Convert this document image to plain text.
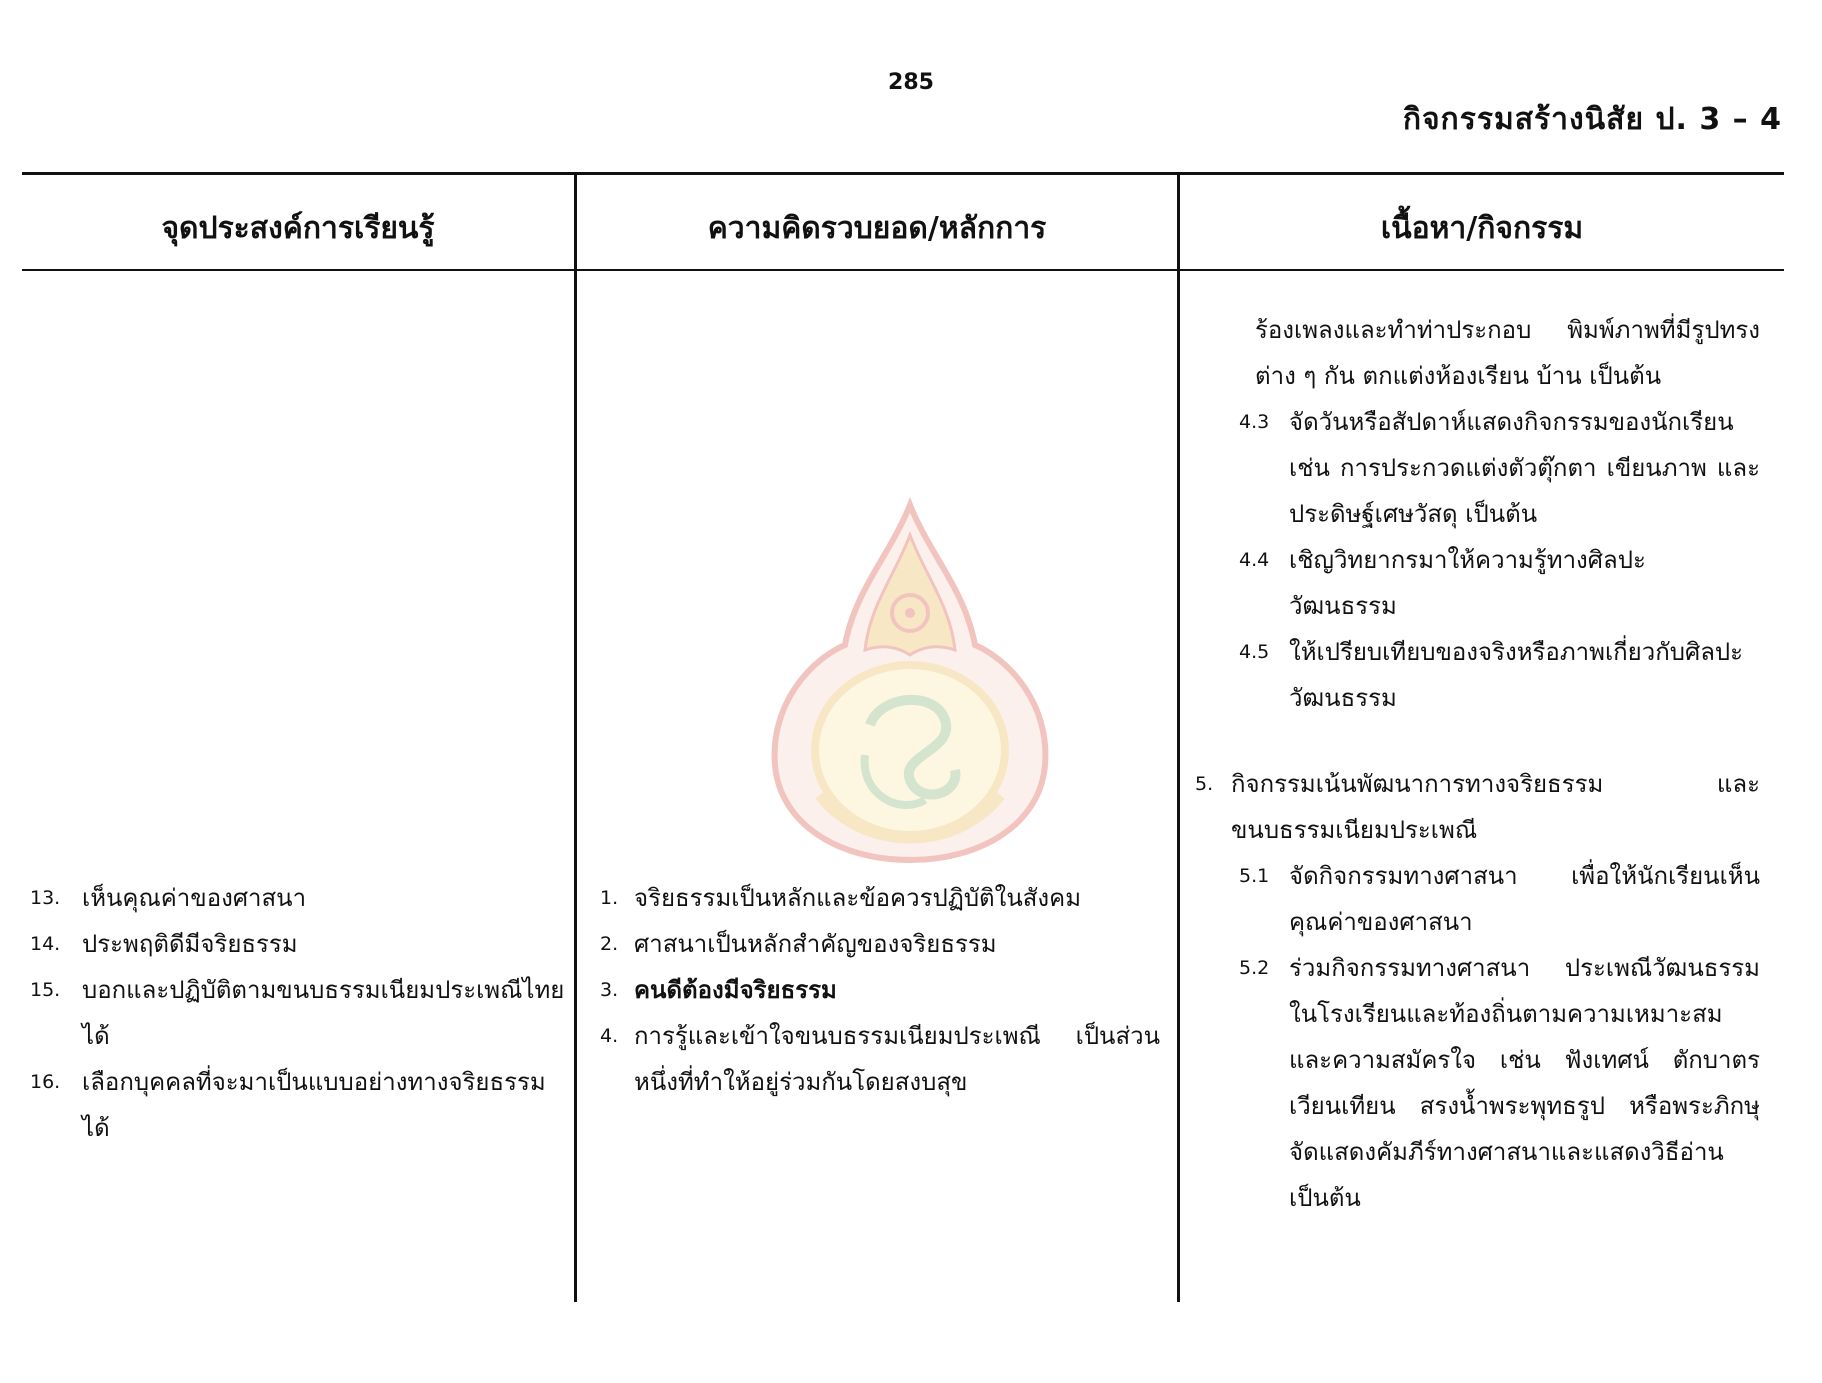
285
กิจกรรมสร้างนิสัย ป. 3 – 4
จุดประสงค์การเรียนรู้	ความคิดรวบยอด/หลักการ	เนื้อหา/กิจกรรม
13. เห็นคุณค่าของศาสนา
14. ประพฤติดีมีจริยธรรม
15. บอกและปฏิบัติตามขนบธรรมเนียมประเพณีไทยได้
16. เลือกบุคคลที่จะมาเป็นแบบอย่างทางจริยธรรมได้
1. จริยธรรมเป็นหลักและข้อควรปฏิบัติในสังคม
2. ศาสนาเป็นหลักสำคัญของจริยธรรม
3. คนดีต้องมีจริยธรรม
4. การรู้และเข้าใจขนบธรรมเนียมประเพณี เป็นส่วนหนึ่งที่ทำให้อยู่ร่วมกันโดยสงบสุข
ร้องเพลงและทำท่าประกอบ พิมพ์ภาพที่มีรูปทรงต่าง ๆ กัน ตกแต่งห้องเรียน บ้าน เป็นต้น
4.3 จัดวันหรือสัปดาห์แสดงกิจกรรมของนักเรียน เช่น การประกวดแต่งตัวตุ๊กตา เขียนภาพ และประดิษฐ์เศษวัสดุ เป็นต้น
4.4 เชิญวิทยากรมาให้ความรู้ทางศิลปะ วัฒนธรรม
4.5 ให้เปรียบเทียบของจริงหรือภาพเกี่ยวกับศิลปะวัฒนธรรม
5. กิจกรรมเน้นพัฒนาการทางจริยธรรม และขนบธรรมเนียมประเพณี
5.1 จัดกิจกรรมทางศาสนา เพื่อให้นักเรียนเห็นคุณค่าของศาสนา
5.2 ร่วมกิจกรรมทางศาสนา ประเพณีวัฒนธรรมในโรงเรียนและท้องถิ่นตามความเหมาะสม และความสมัครใจ เช่น ฟังเทศน์ ตักบาตร เวียนเทียน สรงน้ำพระพุทธรูป หรือพระภิกษุ จัดแสดงคัมภีร์ทางศาสนาและแสดงวิธีอ่าน เป็นต้น
